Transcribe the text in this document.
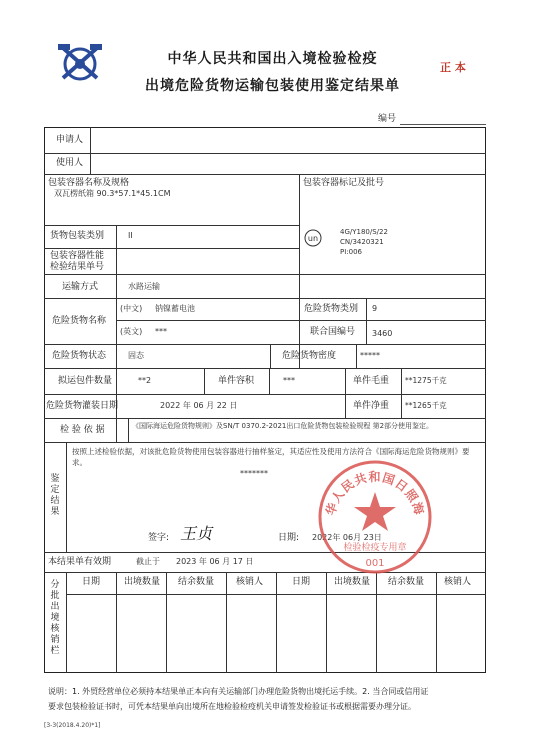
中华人民共和国出入境检验检疫
出境危险货物运输包装使用鉴定结果单
正 本
编号
申请人
使用人
包装容器名称及规格
双瓦楞纸箱 90.3*57.1*45.1CM
包装容器标记及批号
un
4G/Y180/S/22
CN/3420321
PI:006
货物包装类别	II
包装容器性能
检验结果单号
运输方式	水路运输
危险货物名称
(中文) 钠镍蓄电池
(英文) ***
危险货物类别 9
联合国编号 3460
危险货物状态	固态	危险货物密度	*****
拟运包件数量	**2	单件容积	***	单件毛重 **1275千克
危险货物灌装日期	2022 年 06 月 22 日	单件净重 **1265千克
检 验 依 据	《国际海运危险货物规则》及SN/T 0370.2-2021出口危险货物包装检验规程 第2部分使用鉴定。
鉴定结果
按照上述检验依据，对该批危险货物使用包装容器进行抽样鉴定，其适应性及使用方法符合《国际海运危险货物规则》要求。
*******
签字: 王贞	日期: 2022年 06月 23日
本结果单有效期	截止于 2023 年 06 月 17 日
分批出境核销栏
日期	出境数量 结余数量 核销人	日期	出境数量 结余数量 核销人
华人民共和国日照海
检验检疫专用章
001
说明：1. 外贸经营单位必须持本结果单正本向有关运输部门办理危险货物出境托运手续。2. 当合同或信用证
要求包装检验证书时，可凭本结果单向出境所在地检验检疫机关申请签发检验证书或根据需要办理分证。
[3-3(2018.4.20)*1]
